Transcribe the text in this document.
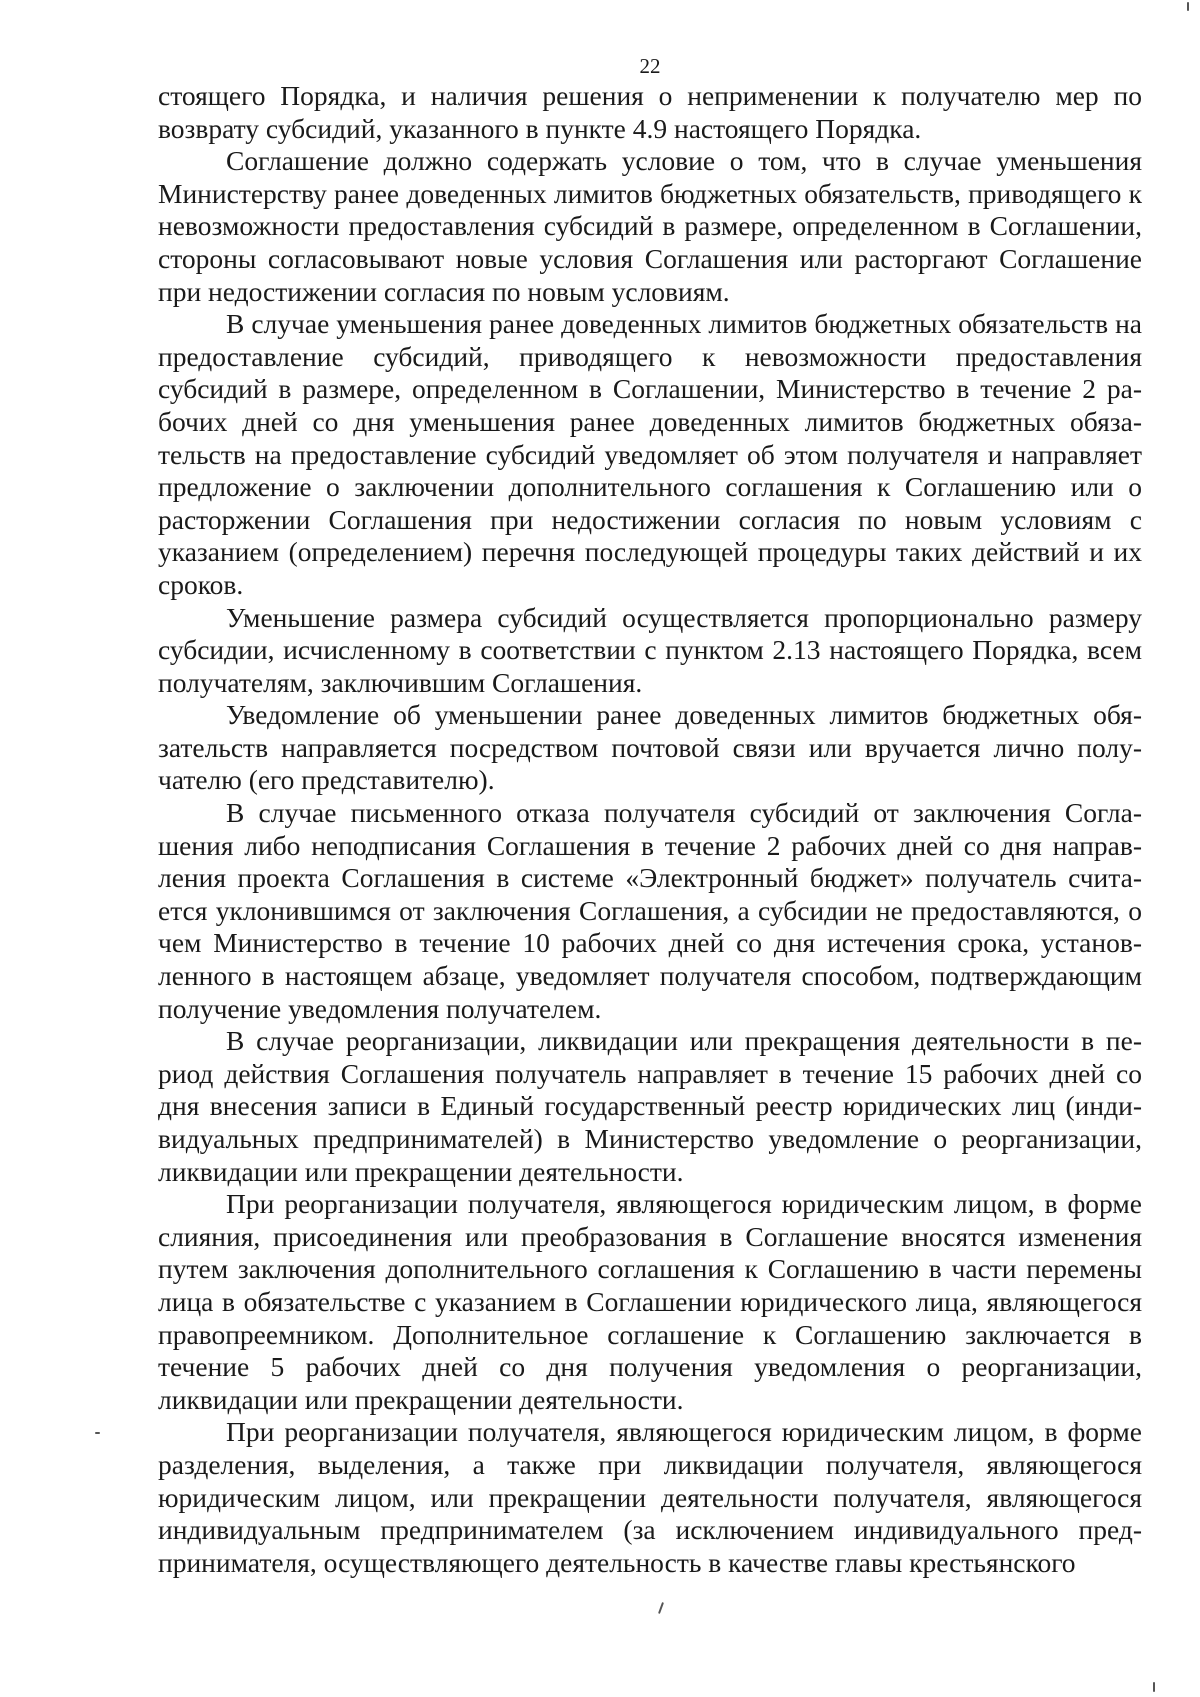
22

стоящего Порядка, и наличия решения о неприменении к получателю мер по возврату субсидий, указанного в пункте 4.9 настоящего Порядка.

Соглашение должно содержать условие о том, что в случае уменьшения Министерству ранее доведенных лимитов бюджетных обязательств, приводящего к невозможности предоставления субсидий в размере, определенном в Соглашении, стороны согласовывают новые условия Соглашения или расторгают Соглашение при недостижении согласия по новым условиям.

В случае уменьшения ранее доведенных лимитов бюджетных обязательств на предоставление субсидий, приводящего к невозможности предоставления субсидий в размере, определенном в Соглашении, Министерство в течение 2 рабочих дней со дня уменьшения ранее доведенных лимитов бюджетных обязательств на предоставление субсидий уведомляет об этом получателя и направляет предложение о заключении дополнительного соглашения к Соглашению или о расторжении Соглашения при недостижении согласия по новым условиям с указанием (определением) перечня последующей процедуры таких действий и их сроков.

Уменьшение размера субсидий осуществляется пропорционально размеру субсидии, исчисленному в соответствии с пунктом 2.13 настоящего Порядка, всем получателям, заключившим Соглашения.

Уведомление об уменьшении ранее доведенных лимитов бюджетных обязательств направляется посредством почтовой связи или вручается лично получателю (его представителю).

В случае письменного отказа получателя субсидий от заключения Соглашения либо неподписания Соглашения в течение 2 рабочих дней со дня направления проекта Соглашения в системе «Электронный бюджет» получатель считается уклонившимся от заключения Соглашения, а субсидии не предоставляются, о чем Министерство в течение 10 рабочих дней со дня истечения срока, установленного в настоящем абзаце, уведомляет получателя способом, подтверждающим получение уведомления получателем.

В случае реорганизации, ликвидации или прекращения деятельности в период действия Соглашения получатель направляет в течение 15 рабочих дней со дня внесения записи в Единый государственный реестр юридических лиц (индивидуальных предпринимателей) в Министерство уведомление о реорганизации, ликвидации или прекращении деятельности.

При реорганизации получателя, являющегося юридическим лицом, в форме слияния, присоединения или преобразования в Соглашение вносятся изменения путем заключения дополнительного соглашения к Соглашению в части перемены лица в обязательстве с указанием в Соглашении юридического лица, являющегося правопреемником. Дополнительное соглашение к Соглашению заключается в течение 5 рабочих дней со дня получения уведомления о реорганизации, ликвидации или прекращении деятельности.

При реорганизации получателя, являющегося юридическим лицом, в форме разделения, выделения, а также при ликвидации получателя, являющегося юридическим лицом, или прекращении деятельности получателя, являющегося индивидуальным предпринимателем (за исключением индивидуального предпринимателя, осуществляющего деятельность в качестве главы крестьянского
